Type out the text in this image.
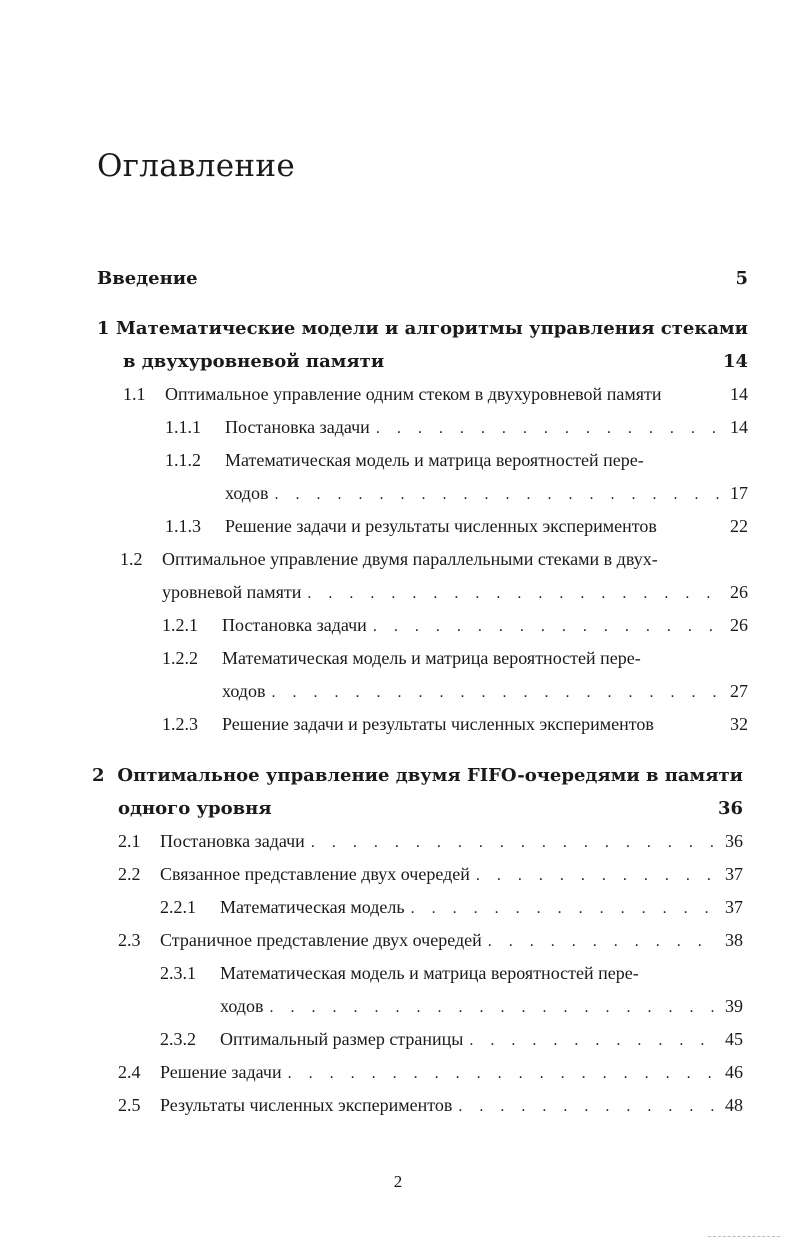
Оглавление
Введение	5
1 Математические модели и алгоритмы управления стеками
в двухуровневой памяти	14
1.1	Оптимальное управление одним стеком в двухуровневой памяти	14
1.1.1	Постановка задачи . . .	14
1.1.2	Математическая модель и матрица вероятностей пере-
ходов . . .	17
1.1.3	Решение задачи и результаты численных экспериментов	22
1.2	Оптимальное управление двумя параллельными стеками в двух-
уровневой памяти . . .	26
1.2.1	Постановка задачи . . .	26
1.2.2	Математическая модель и матрица вероятностей пере-
ходов . . .	27
1.2.3	Решение задачи и результаты численных экспериментов	32
2 Оптимальное управление двумя FIFO-очередями в памяти
одного уровня	36
2.1	Постановка задачи . . .	36
2.2	Связанное представление двух очередей . . .	37
2.2.1	Математическая модель . . .	37
2.3	Страничное представление двух очередей . . .	38
2.3.1	Математическая модель и матрица вероятностей пере-
ходов . . .	39
2.3.2	Оптимальный размер страницы . . .	45
2.4	Решение задачи . . .	46
2.5	Результаты численных экспериментов . . .	48
2
